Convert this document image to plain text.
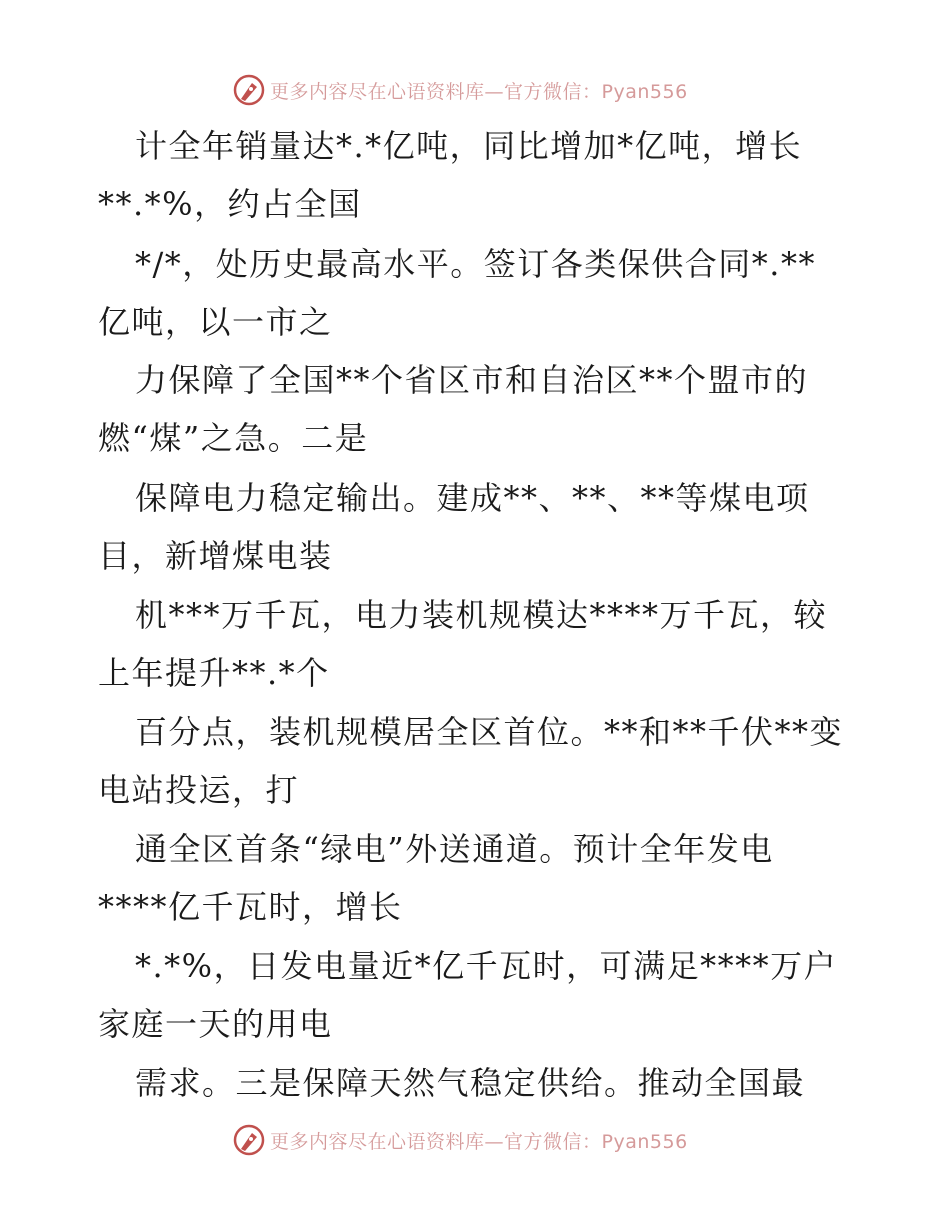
更多内容尽在心语资料库—官方微信：Pyan556
计全年销量达*.*亿吨，同比增加*亿吨，增长
**.*%，约占全国
*/*，处历史最高水平。签订各类保供合同*.**
亿吨，以一市之
力保障了全国**个省区市和自治区**个盟市的
燃“煤”之急。二是
保障电力稳定输出。建成**、**、**等煤电项
目，新增煤电装
机***万千瓦，电力装机规模达****万千瓦，较
上年提升**.*个
百分点，装机规模居全区首位。**和**千伏**变
电站投运，打
通全区首条“绿电”外送通道。预计全年发电
****亿千瓦时，增长
*.*%，日发电量近*亿千瓦时，可满足****万户
家庭一天的用电
需求。三是保障天然气稳定供给。推动全国最
更多内容尽在心语资料库—官方微信：Pyan556
